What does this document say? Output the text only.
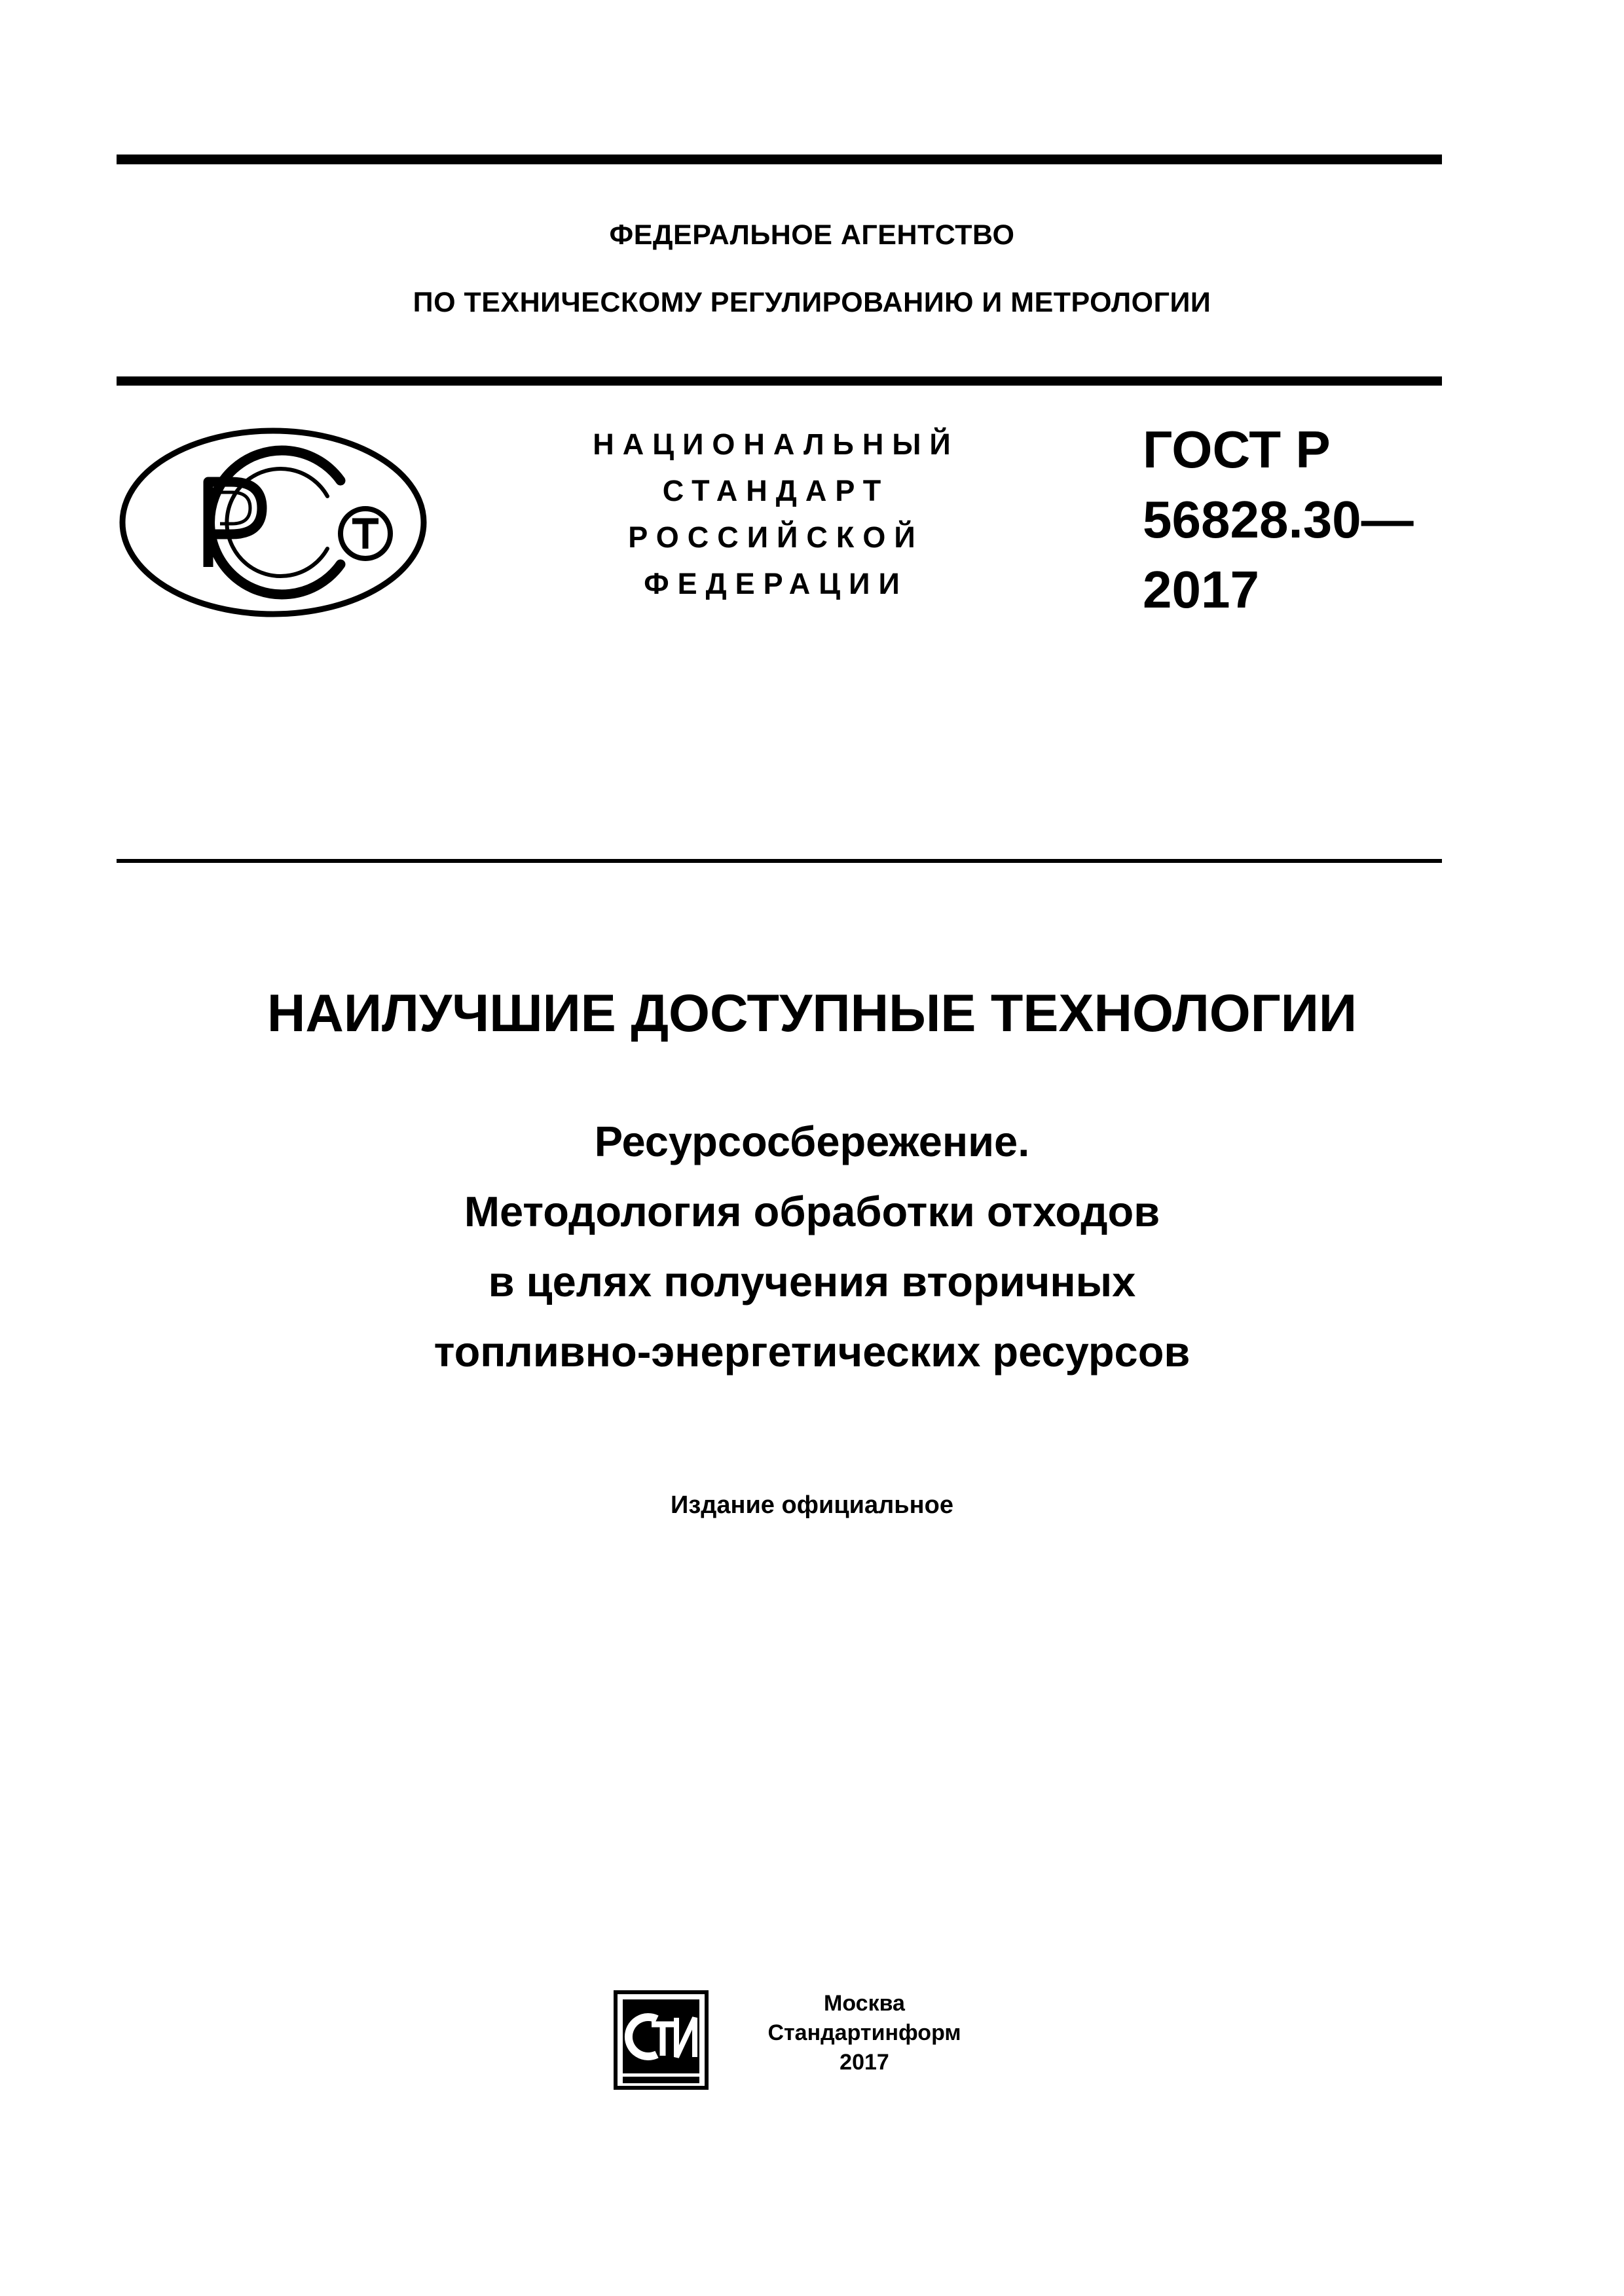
ФЕДЕРАЛЬНОЕ АГЕНТСТВО
ПО ТЕХНИЧЕСКОМУ РЕГУЛИРОВАНИЮ И МЕТРОЛОГИИ
НАЦИОНАЛЬНЫЙ
СТАНДАРТ
РОССИЙСКОЙ
ФЕДЕРАЦИИ
ГОСТ Р
56828.30—
2017
НАИЛУЧШИЕ ДОСТУПНЫЕ ТЕХНОЛОГИИ
Ресурсосбережение.
Методология обработки отходов
в целях получения вторичных
топливно-энергетических ресурсов
Издание официальное
Москва
Стандартинформ
2017
